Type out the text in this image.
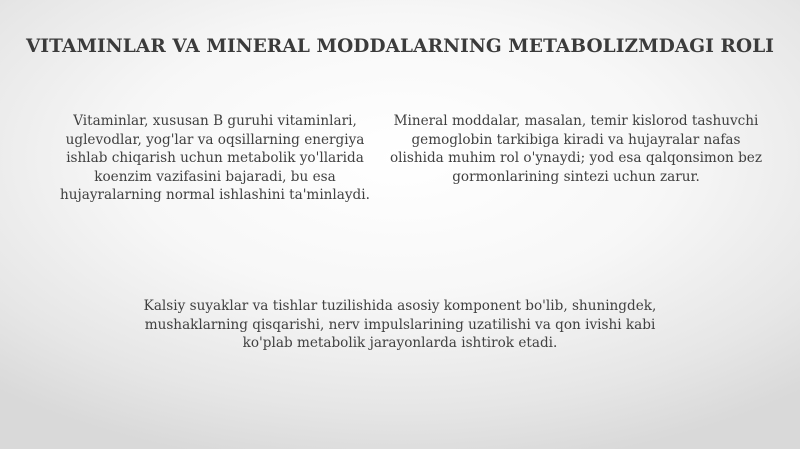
VITAMINLAR VA MINERAL MODDALARNING METABOLIZMDAGI ROLI
Vitaminlar, xususan B guruhi vitaminlari, uglevodlar, yog'lar va oqsillarning energiya ishlab chiqarish uchun metabolik yo'llarida koenzim vazifasini bajaradi, bu esa hujayralarning normal ishlashini ta'minlaydi.
Mineral moddalar, masalan, temir kislorod tashuvchi gemoglobin tarkibiga kiradi va hujayralar nafas olishida muhim rol o'ynaydi; yod esa qalqonsimon bez gormonlarining sintezi uchun zarur.
Kalsiy suyaklar va tishlar tuzilishida asosiy komponent bo'lib, shuningdek, mushaklarning qisqarishi, nerv impulslarining uzatilishi va qon ivishi kabi ko'plab metabolik jarayonlarda ishtirok etadi.
